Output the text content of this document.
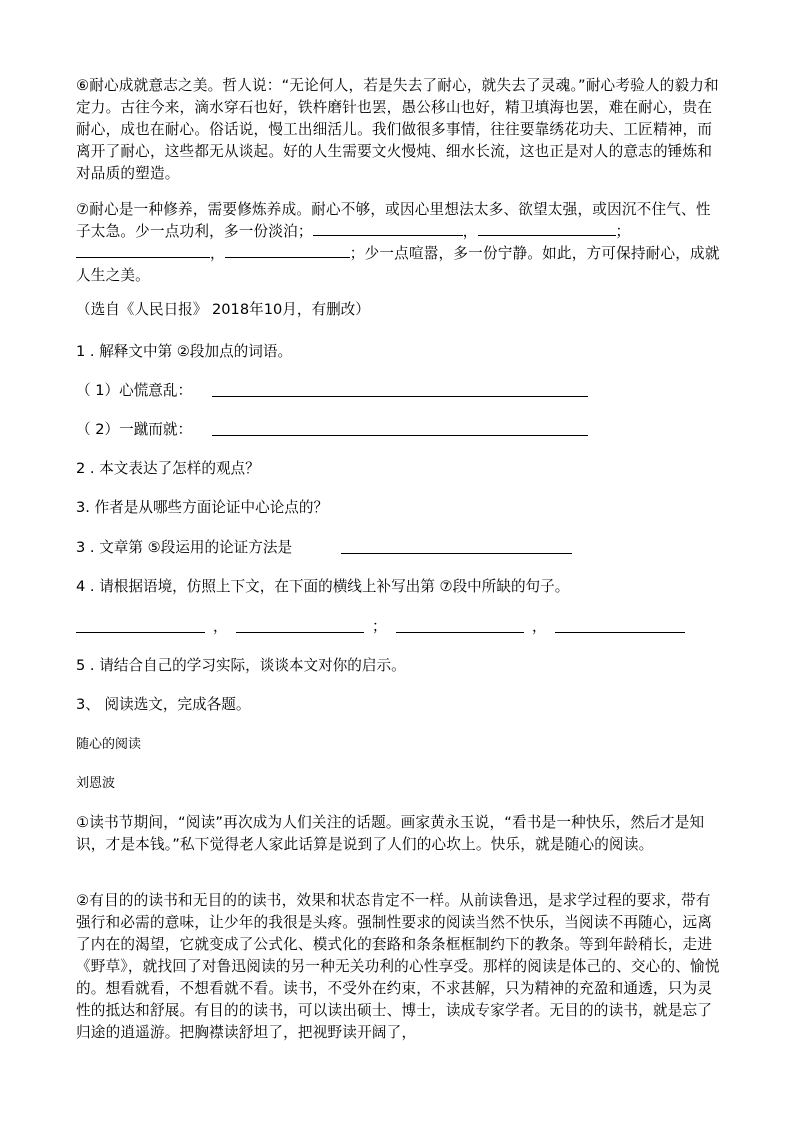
⑥耐心成就意志之美。哲人说：“无论何人，若是失去了耐心，就失去了灵魂。”耐心考验人的毅力和定力。古往今来，滴水穿石也好，铁杵磨针也罢，愚公移山也好，精卫填海也罢，难在耐心，贵在耐心，成也在耐心。俗话说，慢工出细活儿。我们做很多事情，往往要靠绣花功夫、工匠精神，而离开了耐心，这些都无从谈起。好的人生需要文火慢炖、细水长流，这也正是对人的意志的锤炼和对品质的塑造。

⑦耐心是一种修养，需要修炼养成。耐心不够，或因心里想法太多、欲望太强，或因沉不住气、性子太急。少一点功利，多一份淡泊；	，	；，	；少一点喧嚣，多一份宁静。如此，方可保持耐心，成就人生之美。

（选自《人民日报》 2018年10月，有删改）

1 . 解释文中第 ②段加点的词语。

（ 1）心慌意乱：

（ 2）一蹴而就：

2 . 本文表达了怎样的观点？

3. 作者是从哪些方面论证中心论点的？

3 . 文章第 ⑤段运用的论证方法是

4 . 请根据语境，仿照上下文，在下面的横线上补写出第 ⑦段中所缺的句子。

，	；	，

5 . 请结合自己的学习实际，谈谈本文对你的启示。

3、 阅读选文，完成各题。

随心的阅读

刘恩波

①读书节期间，“阅读”再次成为人们关注的话题。画家黄永玉说，“看书是一种快乐，然后才是知识，才是本钱。”私下觉得老人家此话算是说到了人们的心坎上。快乐，就是随心的阅读。

②有目的的读书和无目的的读书，效果和状态肯定不一样。从前读鲁迅，是求学过程的要求，带有强行和必需的意味，让少年的我很是头疼。强制性要求的阅读当然不快乐，当阅读不再随心，远离了内在的渴望，它就变成了公式化、模式化的套路和条条框框制约下的教条。等到年龄稍长，走进《野草》，就找回了对鲁迅阅读的另一种无关功利的心性享受。那样的阅读是体己的、交心的、愉悦的。想看就看，不想看就不看。读书，不受外在约束，不求甚解，只为精神的充盈和通透，只为灵性的抵达和舒展。有目的的读书，可以读出硕士、博士，读成专家学者。无目的的读书，就是忘了归途的逍遥游。把胸襟读舒坦了，把视野读开阔了，
